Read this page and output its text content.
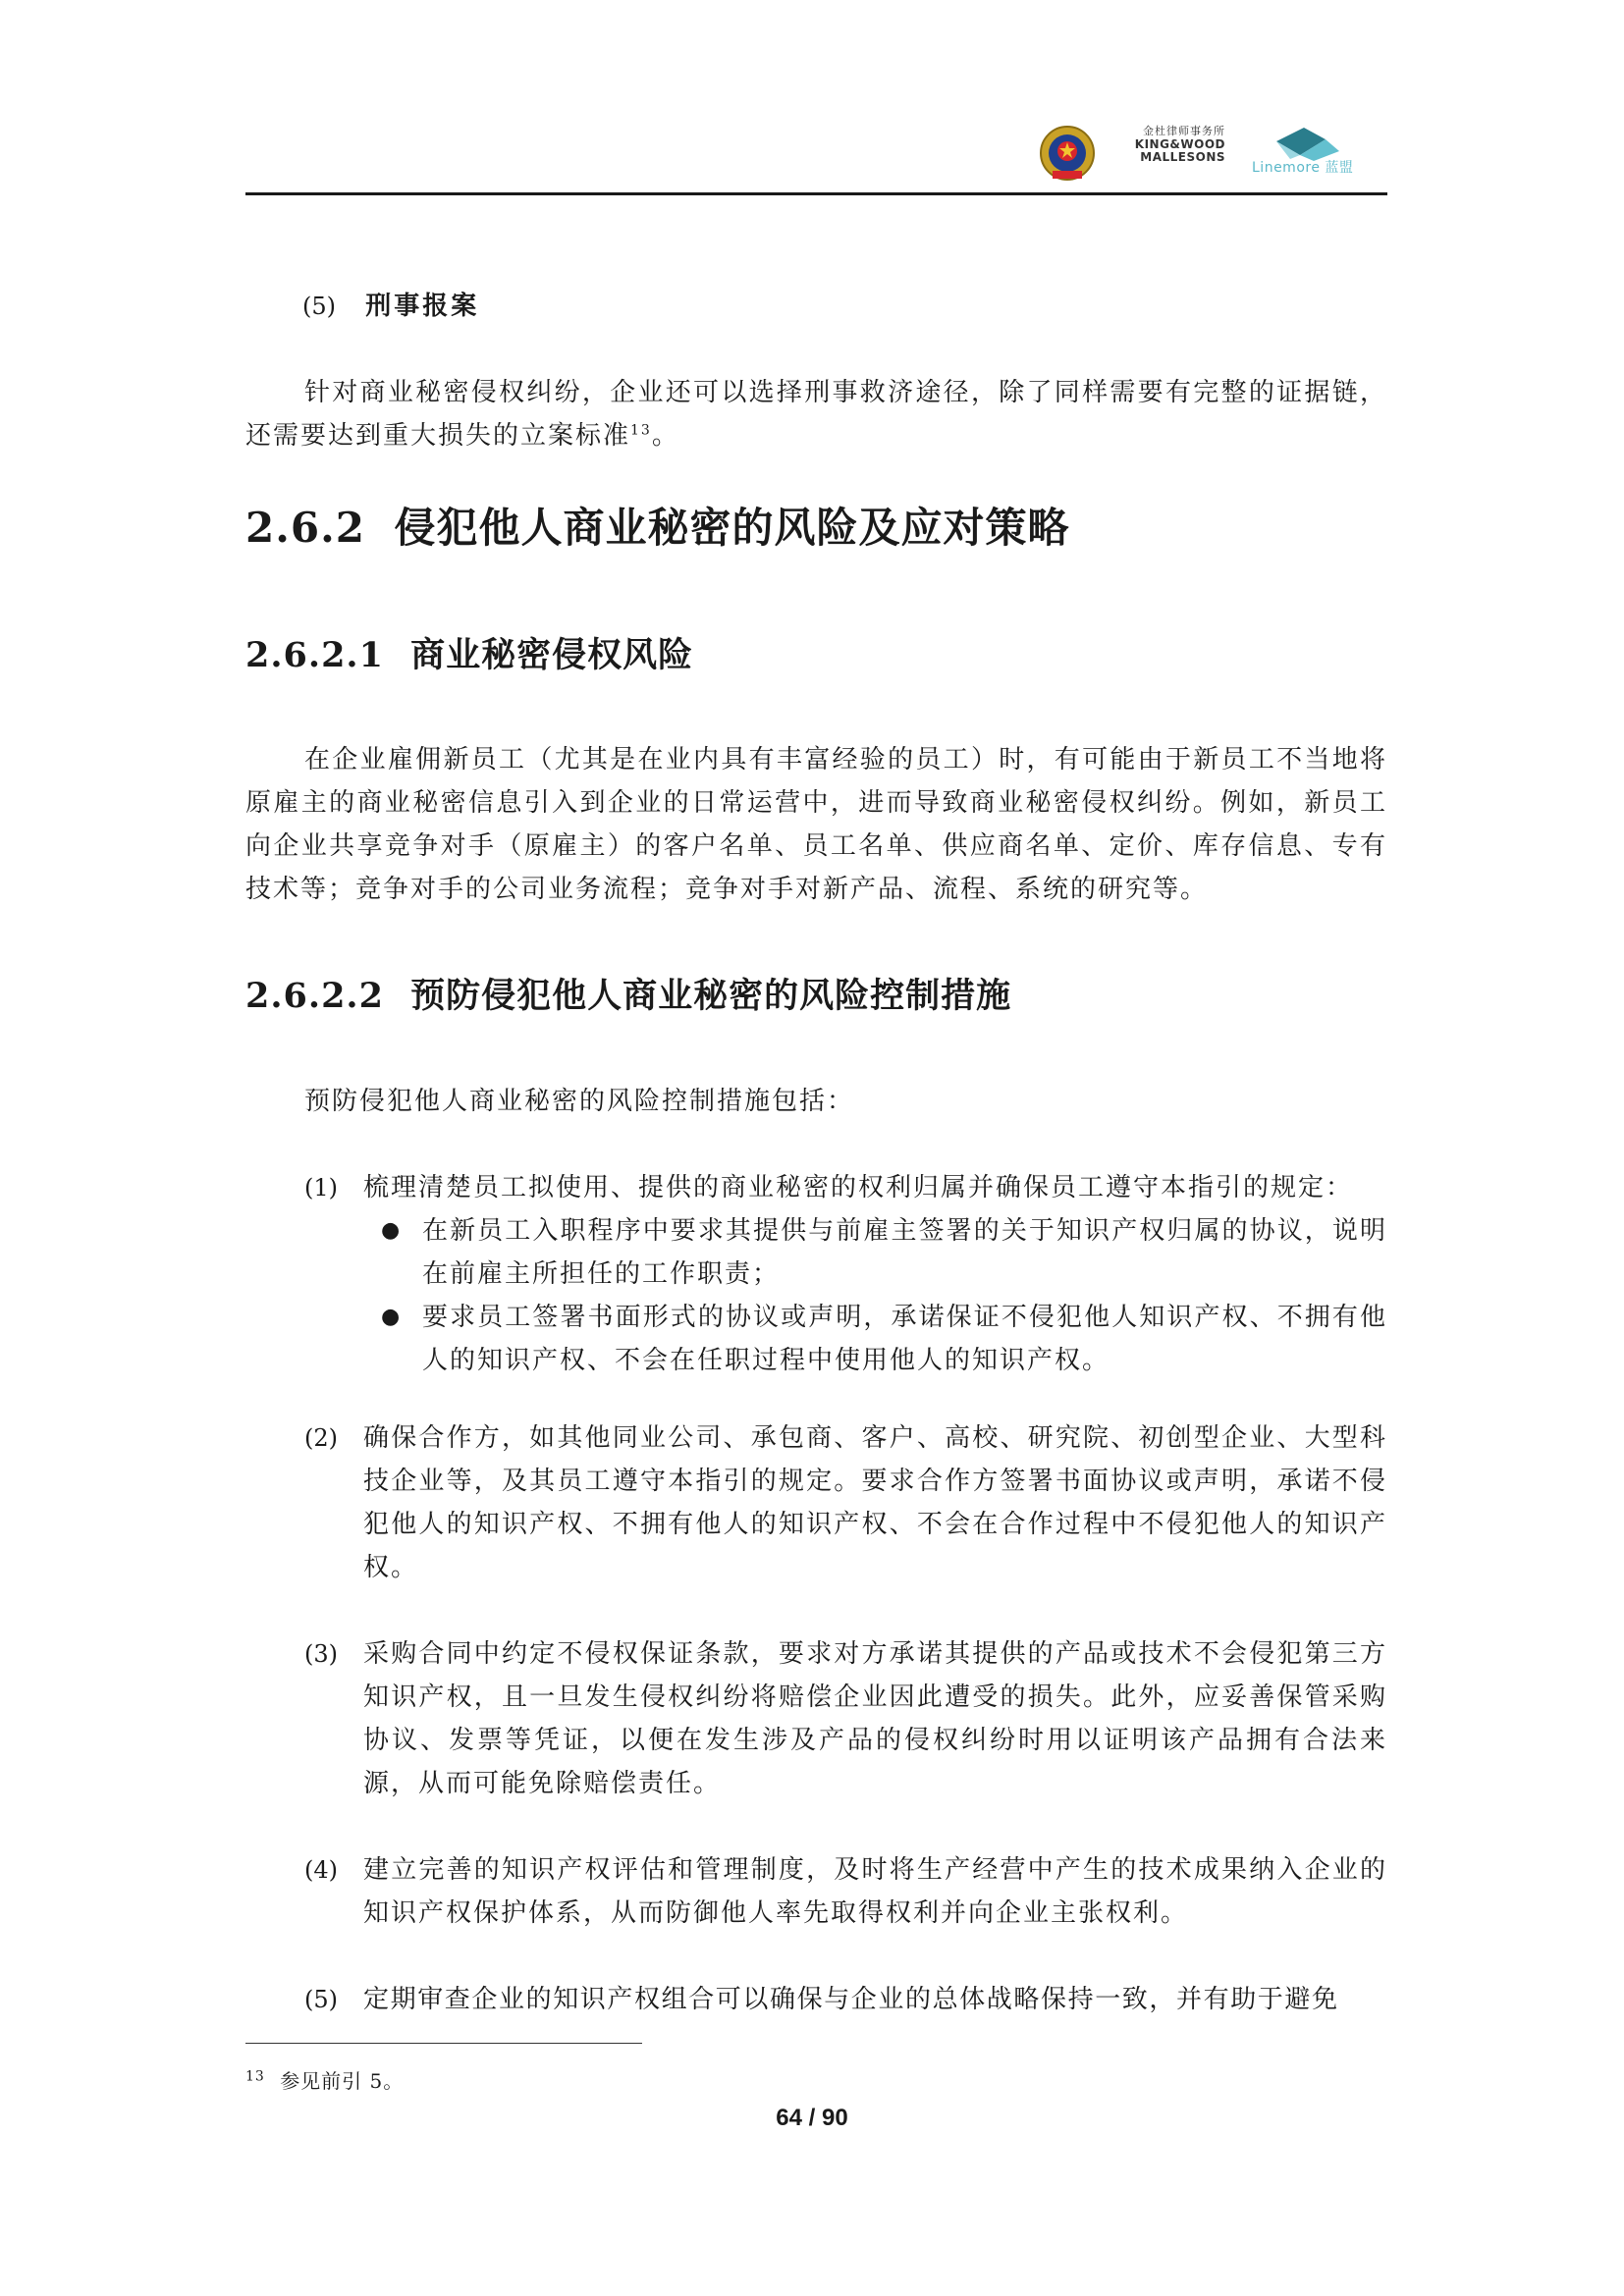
金杜律师事务所
KING&WOOD
MALLESONS
Linemore 蓝盟
(5) 刑事报案
针对商业秘密侵权纠纷，企业还可以选择刑事救济途径，除了同样需要有完整的证据链，还需要达到重大损失的立案标准$^{13}$。
2.6.2 侵犯他人商业秘密的风险及应对策略
2.6.2.1 商业秘密侵权风险
在企业雇佣新员工（尤其是在业内具有丰富经验的员工）时，有可能由于新员工不当地将原雇主的商业秘密信息引入到企业的日常运营中，进而导致商业秘密侵权纠纷。例如，新员工向企业共享竞争对手（原雇主）的客户名单、员工名单、供应商名单、定价、库存信息、专有技术等；竞争对手的公司业务流程；竞争对手对新产品、流程、系统的研究等。
2.6.2.2 预防侵犯他人商业秘密的风险控制措施
预防侵犯他人商业秘密的风险控制措施包括：
(1) 梳理清楚员工拟使用、提供的商业秘密的权利归属并确保员工遵守本指引的规定：
● 在新员工入职程序中要求其提供与前雇主签署的关于知识产权归属的协议，说明在前雇主所担任的工作职责；
● 要求员工签署书面形式的协议或声明，承诺保证不侵犯他人知识产权、不拥有他人的知识产权、不会在任职过程中使用他人的知识产权。
(2) 确保合作方，如其他同业公司、承包商、客户、高校、研究院、初创型企业、大型科技企业等，及其员工遵守本指引的规定。要求合作方签署书面协议或声明，承诺不侵犯他人的知识产权、不拥有他人的知识产权、不会在合作过程中不侵犯他人的知识产权。
(3) 采购合同中约定不侵权保证条款，要求对方承诺其提供的产品或技术不会侵犯第三方知识产权，且一旦发生侵权纠纷将赔偿企业因此遭受的损失。此外，应妥善保管采购协议、发票等凭证，以便在发生涉及产品的侵权纠纷时用以证明该产品拥有合法来源，从而可能免除赔偿责任。
(4) 建立完善的知识产权评估和管理制度，及时将生产经营中产生的技术成果纳入企业的知识产权保护体系，从而防御他人率先取得权利并向企业主张权利。
(5) 定期审查企业的知识产权组合可以确保与企业的总体战略保持一致，并有助于避免
$^{13}$ 参见前引 5。
64 / 90
